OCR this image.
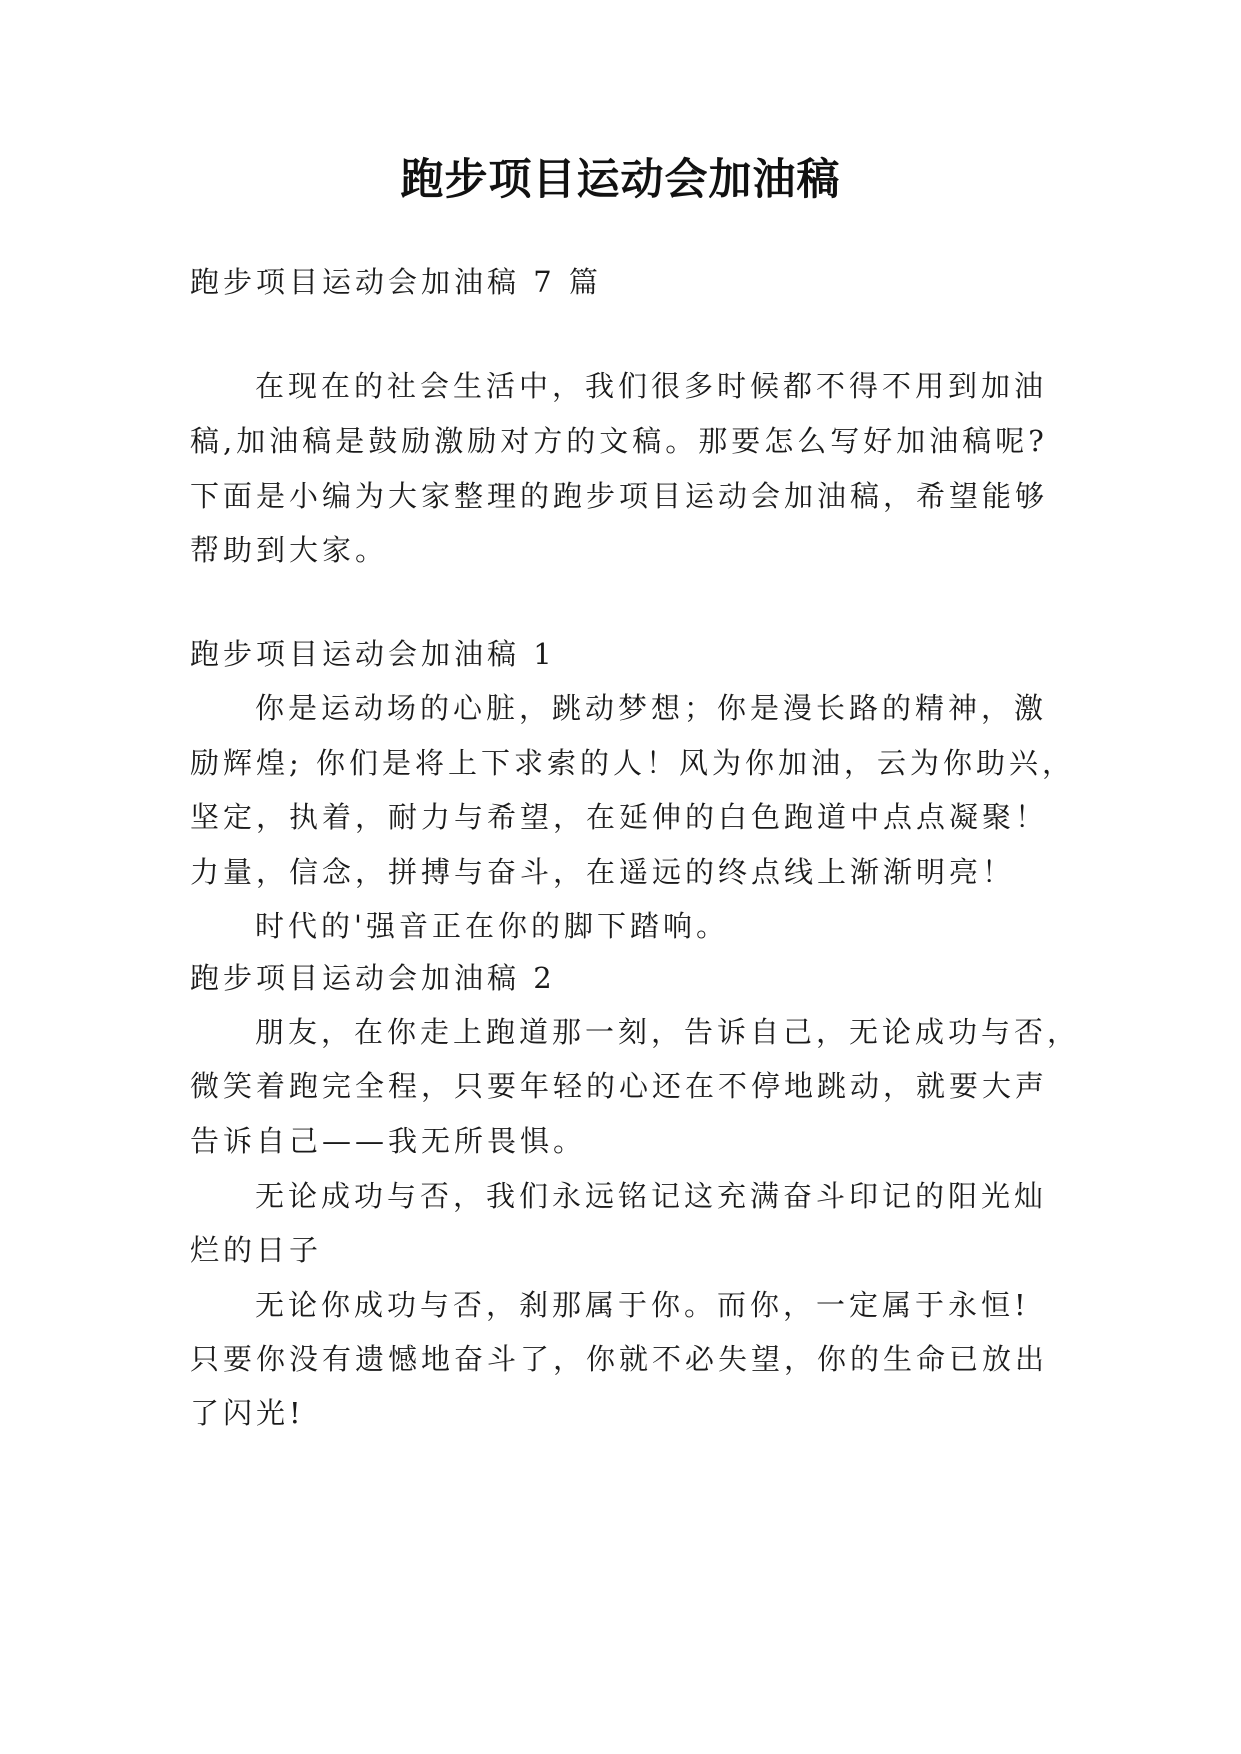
跑步项目运动会加油稿
跑步项目运动会加油稿 7 篇
在现在的社会生活中，我们很多时候都不得不用到加油
稿,加油稿是鼓励激励对方的文稿。那要怎么写好加油稿呢?
下面是小编为大家整理的跑步项目运动会加油稿，希望能够
帮助到大家。
跑步项目运动会加油稿 1
你是运动场的心脏，跳动梦想；你是漫长路的精神，激
励辉煌; 你们是将上下求索的人！风为你加油，云为你助兴，
坚定，执着，耐力与希望，在延伸的白色跑道中点点凝聚！
力量，信念，拼搏与奋斗，在遥远的终点线上渐渐明亮！
时代的'强音正在你的脚下踏响。
跑步项目运动会加油稿 2
朋友，在你走上跑道那一刻，告诉自己，无论成功与否，
微笑着跑完全程，只要年轻的心还在不停地跳动，就要大声
告诉自己——我无所畏惧。
无论成功与否，我们永远铭记这充满奋斗印记的阳光灿
烂的日子
无论你成功与否，刹那属于你。而你，一定属于永恒!
只要你没有遗憾地奋斗了，你就不必失望，你的生命已放出
了闪光!
